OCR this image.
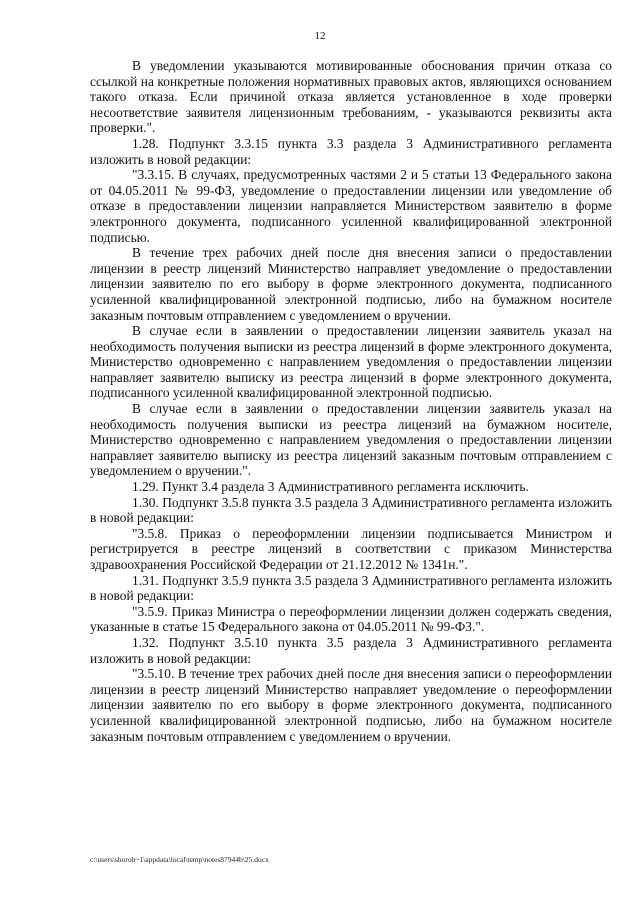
12

В уведомлении указываются мотивированные обоснования причин отказа со ссылкой на конкретные положения нормативных правовых актов, являющихся основанием такого отказа. Если причиной отказа является установленное в ходе проверки несоответствие заявителя лицензионным требованиям, - указываются реквизиты акта проверки.".

1.28. Подпункт 3.3.15 пункта 3.3 раздела 3 Административного регламента изложить в новой редакции:

"3.3.15. В случаях, предусмотренных частями 2 и 5 статьи 13 Федерального закона от 04.05.2011 № 99-ФЗ, уведомление о предоставлении лицензии или уведомление об отказе в предоставлении лицензии направляется Министерством заявителю в форме электронного документа, подписанного усиленной квалифицированной электронной подписью.

В течение трех рабочих дней после дня внесения записи о предоставлении лицензии в реестр лицензий Министерство направляет уведомление о предоставлении лицензии заявителю по его выбору в форме электронного документа, подписанного усиленной квалифицированной электронной подписью, либо на бумажном носителе заказным почтовым отправлением с уведомлением о вручении.

В случае если в заявлении о предоставлении лицензии заявитель указал на необходимость получения выписки из реестра лицензий в форме электронного документа, Министерство одновременно с направлением уведомления о предоставлении лицензии направляет заявителю выписку из реестра лицензий в форме электронного документа, подписанного усиленной квалифицированной электронной подписью.

В случае если в заявлении о предоставлении лицензии заявитель указал на необходимость получения выписки из реестра лицензий на бумажном носителе, Министерство одновременно с направлением уведомления о предоставлении лицензии направляет заявителю выписку из реестра лицензий заказным почтовым отправлением с уведомлением о вручении.".

1.29. Пункт 3.4 раздела 3 Административного регламента исключить.

1.30. Подпункт 3.5.8 пункта 3.5 раздела 3 Административного регламента изложить в новой редакции:

"3.5.8. Приказ о переоформлении лицензии подписывается Министром и регистрируется в реестре лицензий в соответствии с приказом Министерства здравоохранения Российской Федерации от 21.12.2012 № 1341н.".

1.31. Подпункт 3.5.9 пункта 3.5 раздела 3 Административного регламента изложить в новой редакции:

"3.5.9. Приказ Министра о переоформлении лицензии должен содержать сведения, указанные в статье 15 Федерального закона от 04.05.2011 № 99-ФЗ.".

1.32. Подпункт 3.5.10 пункта 3.5 раздела 3 Административного регламента изложить в новой редакции:

"3.5.10. В течение трех рабочих дней после дня внесения записи о переоформлении лицензии в реестр лицензий Министерство направляет уведомление о переоформлении лицензии заявителю по его выбору в форме электронного документа, подписанного усиленной квалифицированной электронной подписью, либо на бумажном носителе заказным почтовым отправлением с уведомлением о вручении.

c:\users\shoroh~1\appdata\local\temp\notes87944b\25.docx
